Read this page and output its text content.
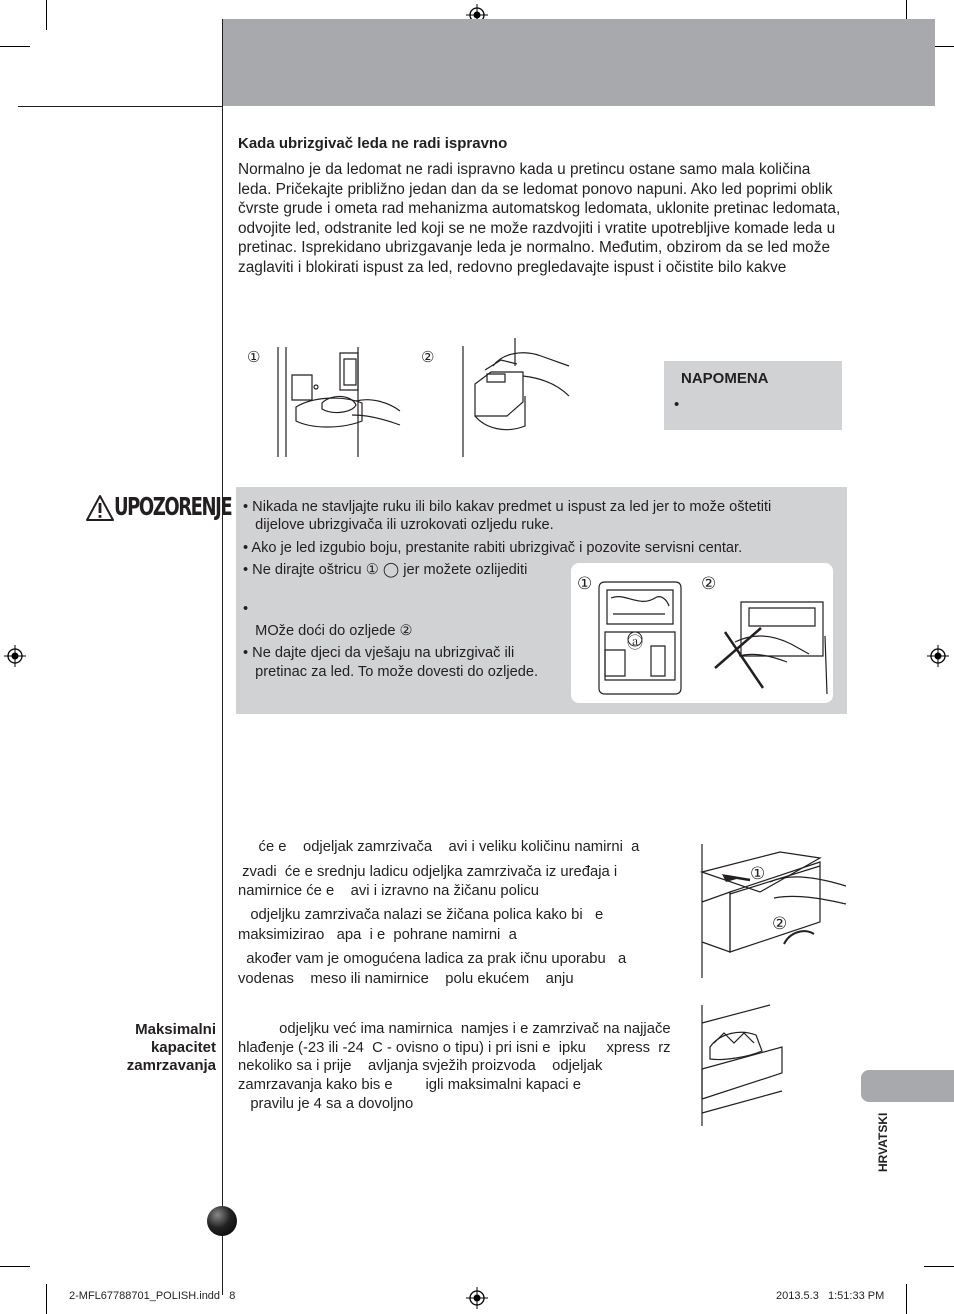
Kada ubrizgivač leda ne radi ispravno
Normalno je da ledomat ne radi ispravno kada u pretincu ostane samo mala količina
leda. Pričekajte približno jedan dan da se ledomat ponovo napuni. Ako led poprimi oblik
čvrste grude i ometa rad mehanizma automatskog ledomata, uklonite pretinac ledomata,
odvojite led, odstranite led koji se ne može razdvojiti i vratite upotrebljive komade leda u
pretinac. Isprekidano ubrizgavanje leda je normalno. Međutim, obzirom da se led može
zaglaviti i blokirati ispust za led, redovno pregledavajte ispust i očistite bilo kakve
①	②
NAPOMENA
•
UPOZORENJE • Nikada ne stavljajte ruku ili bilo kakav predmet u ispust za led jer to može oštetiti
dijelove ubrizgivača ili uzrokovati ozljedu ruke.
• Ako je led izgubio boju, prestanite rabiti ubrizgivač i pozovite servisni centar.
• Ne dirajte oštricu ① ◯ jer možete ozlijediti
•
MOže doći do ozljede ②
• Ne dajte djeci da vješaju na ubrizgivač ili
pretinac za led. To može dovesti do ozljede.
①	②
ⓐ
će e    odjeljak zamrzivača    avi i veliku količinu namirni  a
zvadi  će e srednju ladicu odjeljka zamrzivača iz uređaja i
namirnice će e    avi i izravno na žičanu policu
odjeljku zamrzivača nalazi se žičana polica kako bi   e
maksimizirao   apa  i e  pohrane namirni  a
akođer vam je omogućena ladica za prak ičnu uporabu   a
vodenas    meso ili namirnice    polu ekućem    anju
①
②
Maksimalni
kapacitet
zamrzavanja
odjeljku već ima namirnica  namjes i e zamrzivač na najjače
hlađenje (-23 ili -24  C - ovisno o tipu) i pri isni e  ipku     xpress  rz
nekoliko sa i prije    avljanja svježih proizvoda    odjeljak
zamrzavanja kako bis e        igli maksimalni kapaci e
pravilu je 4 sa a dovoljno
HRVATSKI
2-MFL67788701_POLISH.indd   8	2013.5.3   1:51:33 PM
